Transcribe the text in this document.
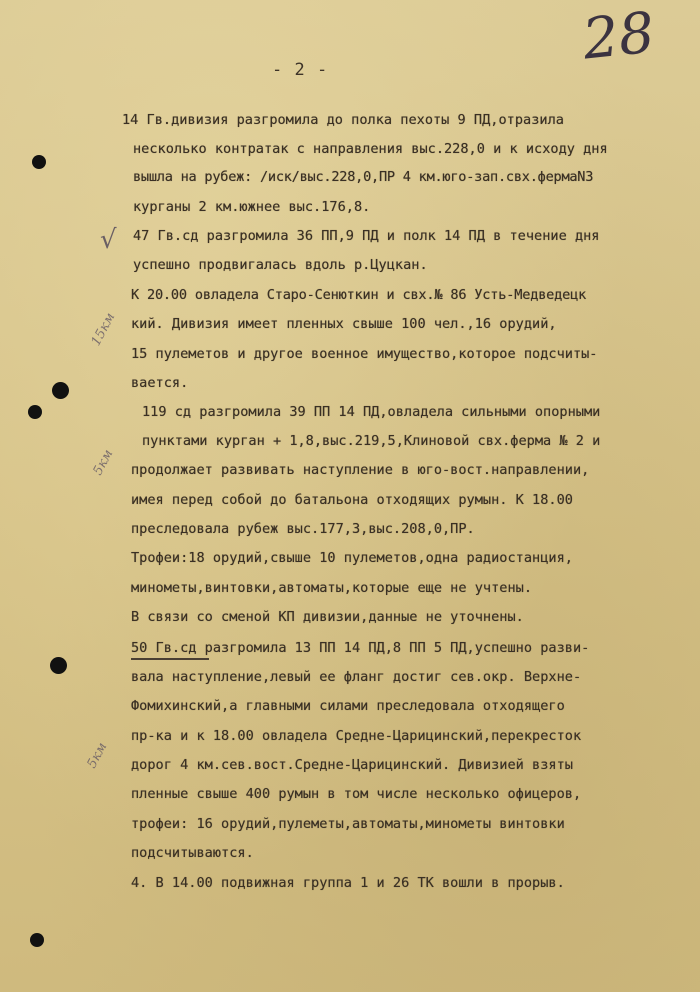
28
- 2 -
√
15км
5км
5км
14 Гв.дивизия разгромила до полка пехоты 9 ПД,отразила
несколько контратак с направления выс.228,0 и к исходу дня
вышла на рубеж: /иск/выс.228,0,ПР 4 км.юго-зап.свх.фермаN3
курганы 2 км.южнее выс.176,8.
47 Гв.сд разгромила 36 ПП,9 ПД и полк 14 ПД в течение дня
успешно продвигалась вдоль р.Цуцкан.
К 20.00 овладела Старо-Сенюткин и свх.№ 86 Усть-Медведецк
кий. Дивизия имеет пленных свыше 100 чел.,16 орудий,
15 пулеметов и другое военное имущество,которое подсчиты-
вается.
119 сд разгромила 39 ПП 14 ПД,овладела сильными опорными
пунктами курган + 1,8,выс.219,5,Клиновой свх.ферма № 2 и
продолжает развивать наступление в юго-вост.направлении,
имея перед собой до батальона отходящих румын. К 18.00
преследовала рубеж выс.177,3,выс.208,0,ПР.
Трофеи:18 орудий,свыше 10 пулеметов,одна радиостанция,
минометы,винтовки,автоматы,которые еще не учтены.
В связи со сменой КП дивизии,данные не уточнены.
50 Гв.сд разгромила 13 ПП 14 ПД,8 ПП 5 ПД,успешно разви-
вала наступление,левый ее фланг достиг сев.окр. Верхне-
Фомихинский,а главными силами преследовала отходящего
пр-ка и к 18.00 овладела Средне-Царицинский,перекресток
дорог 4 км.сев.вост.Средне-Царицинский. Дивизией взяты
пленные свыше 400 румын в том числе несколько офицеров,
трофеи: 16 орудий,пулеметы,автоматы,минометы винтовки
подсчитываются.
4. В 14.00 подвижная группа 1 и 26 ТК вошли в прорыв.
